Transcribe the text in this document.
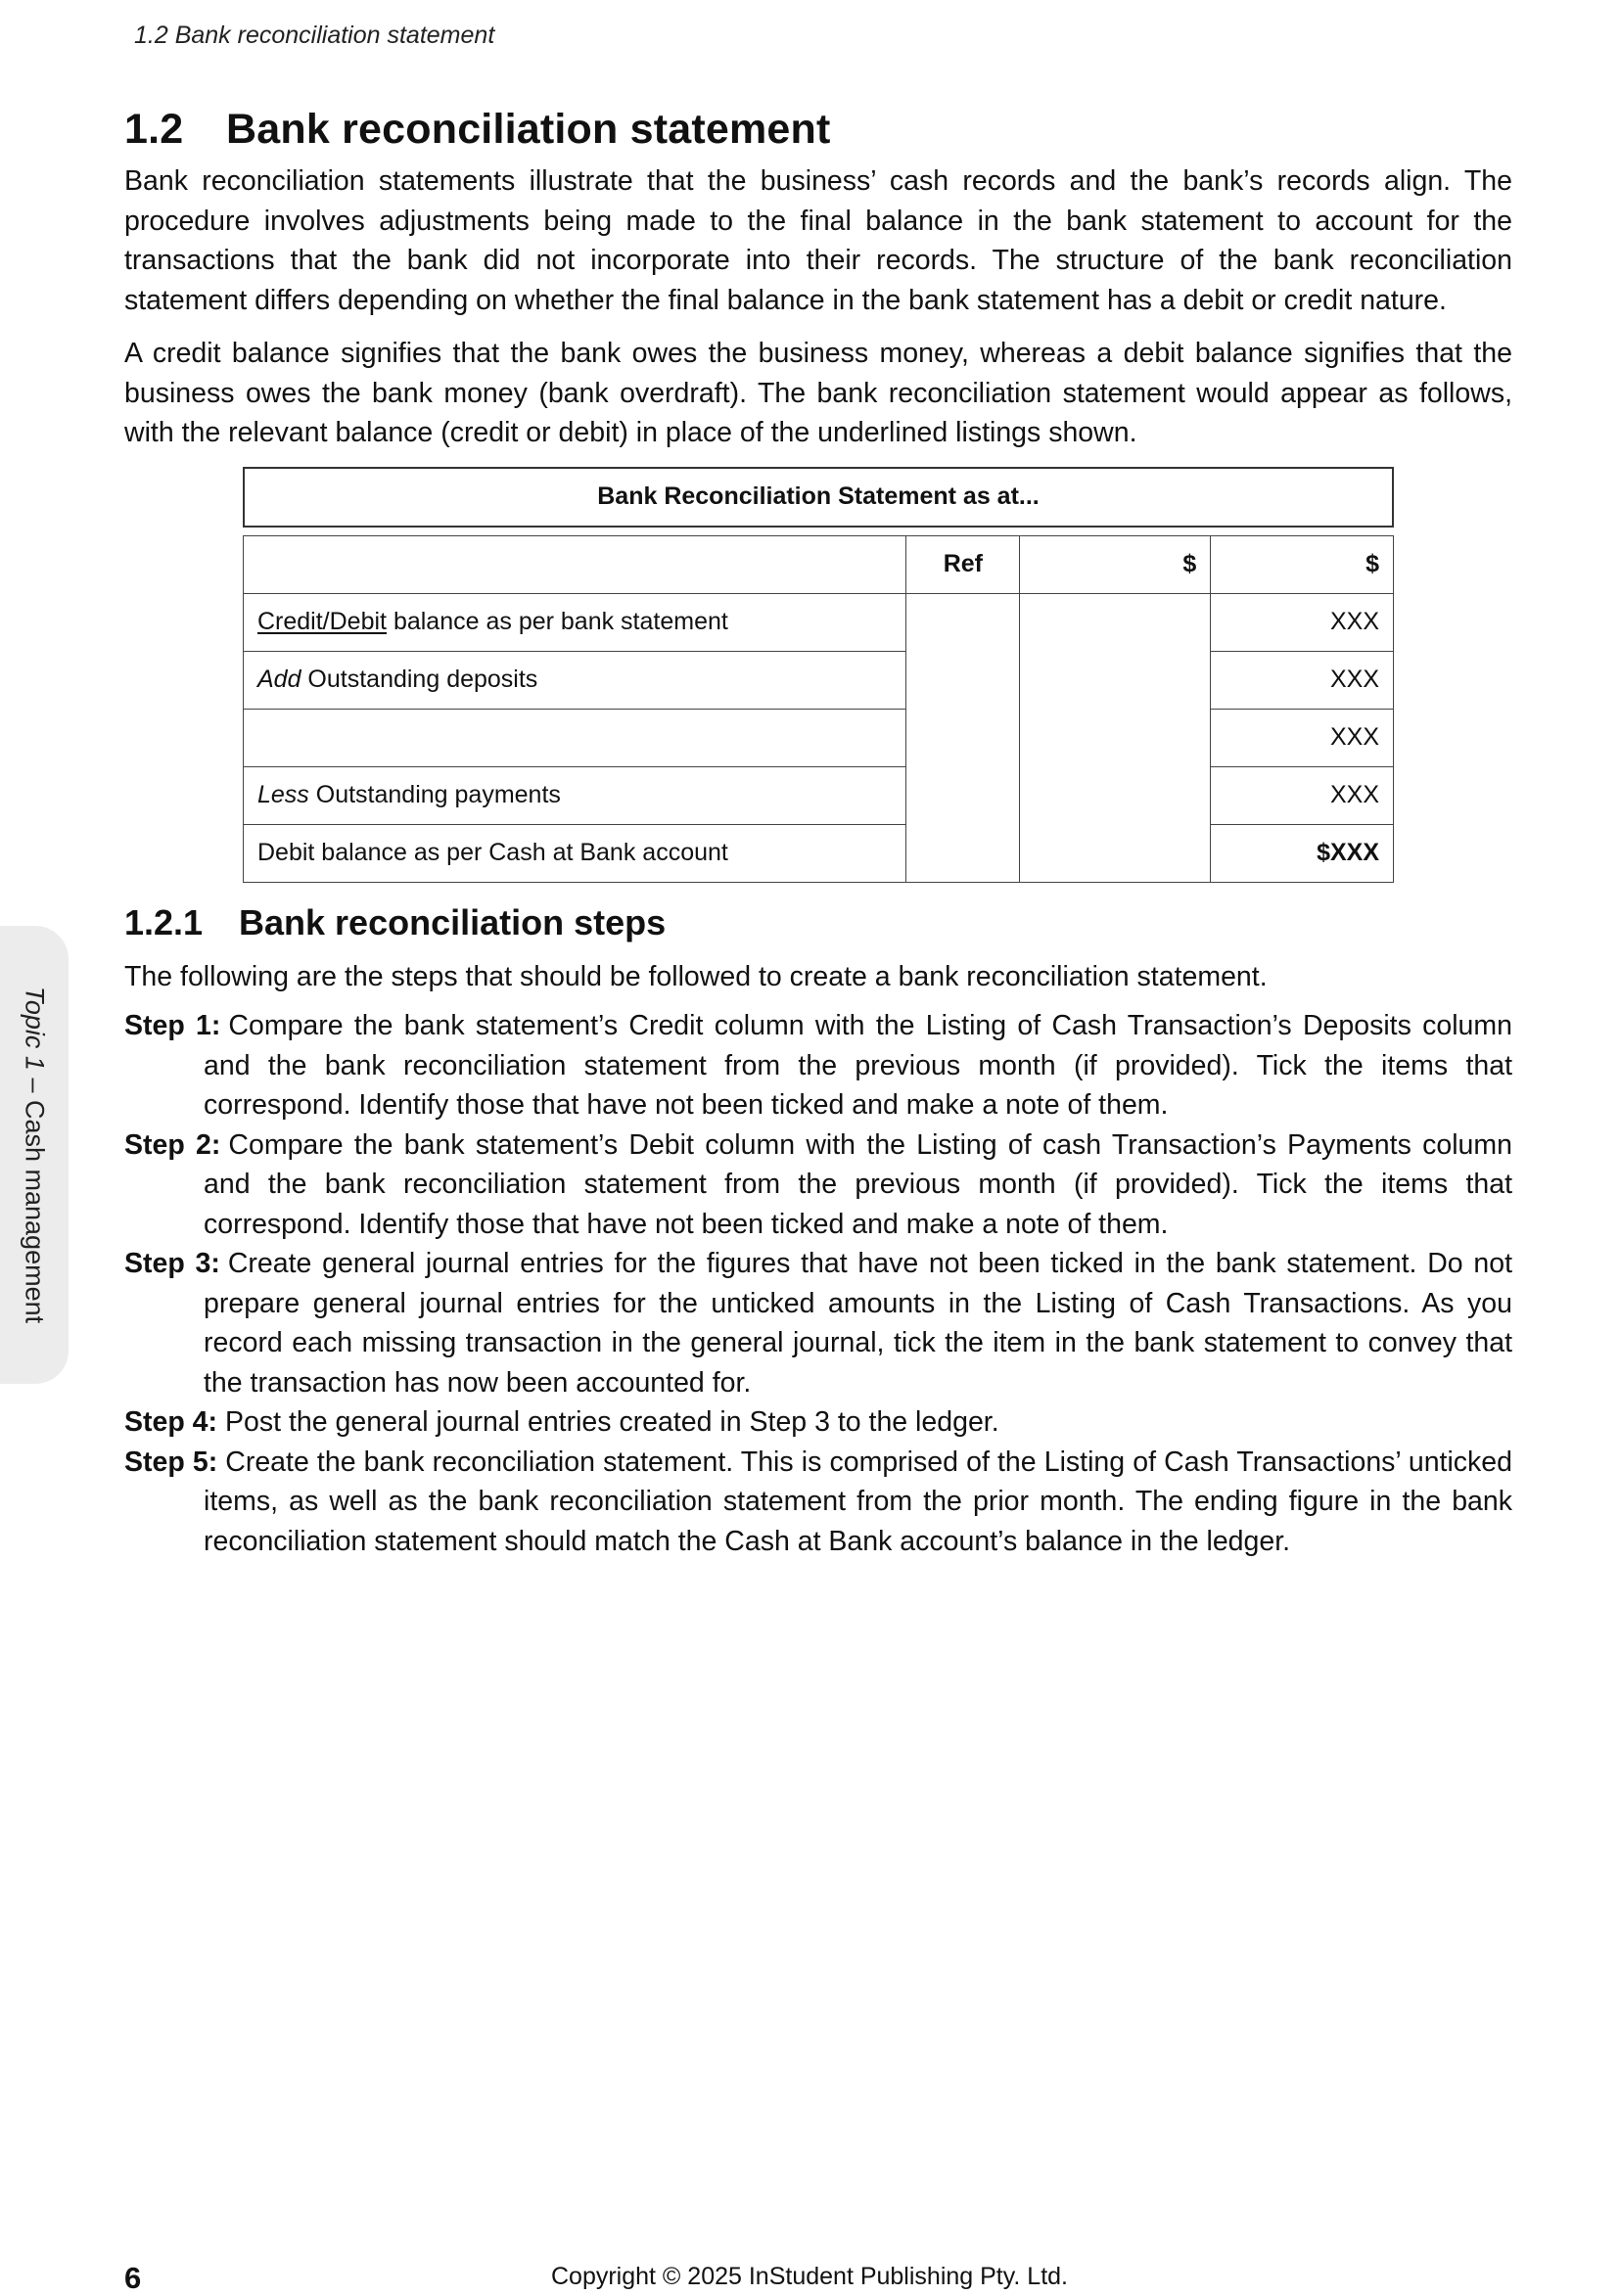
1.2 Bank reconciliation statement
Topic 1 – Cash management
1.2 Bank reconciliation statement

Bank reconciliation statements illustrate that the business’ cash records and the bank’s records align. The procedure involves adjustments being made to the final balance in the bank statement to account for the transactions that the bank did not incorporate into their records. The structure of the bank reconciliation statement differs depending on whether the final balance in the bank statement has a debit or credit nature.

A credit balance signifies that the bank owes the business money, whereas a debit balance signifies that the business owes the bank money (bank overdraft). The bank reconciliation statement would appear as follows, with the relevant balance (credit or debit) in place of the underlined listings shown.

Bank Reconciliation Statement as at...
	Ref	$	$
Credit/Debit balance as per bank statement			XXX
Add Outstanding deposits			XXX
			XXX
Less Outstanding payments			XXX
Debit balance as per Cash at Bank account			$XXX
1.2.1 Bank reconciliation steps

The following are the steps that should be followed to create a bank reconciliation statement.

Step 1: Compare the bank statement’s Credit column with the Listing of Cash Transaction’s Deposits column and the bank reconciliation statement from the previous month (if provided). Tick the items that correspond. Identify those that have not been ticked and make a note of them.

Step 2: Compare the bank statement’s Debit column with the Listing of cash Transaction’s Payments column and the bank reconciliation statement from the previous month (if provided). Tick the items that correspond. Identify those that have not been ticked and make a note of them.

Step 3: Create general journal entries for the figures that have not been ticked in the bank statement. Do not prepare general journal entries for the unticked amounts in the Listing of Cash Transactions. As you record each missing transaction in the general journal, tick the item in the bank statement to convey that the transaction has now been accounted for.

Step 4: Post the general journal entries created in Step 3 to the ledger.

Step 5: Create the bank reconciliation statement. This is comprised of the Listing of Cash Transactions’ unticked items, as well as the bank reconciliation statement from the prior month. The ending figure in the bank reconciliation statement should match the Cash at Bank account’s balance in the ledger.

6	Copyright © 2025 InStudent Publishing Pty. Ltd.
